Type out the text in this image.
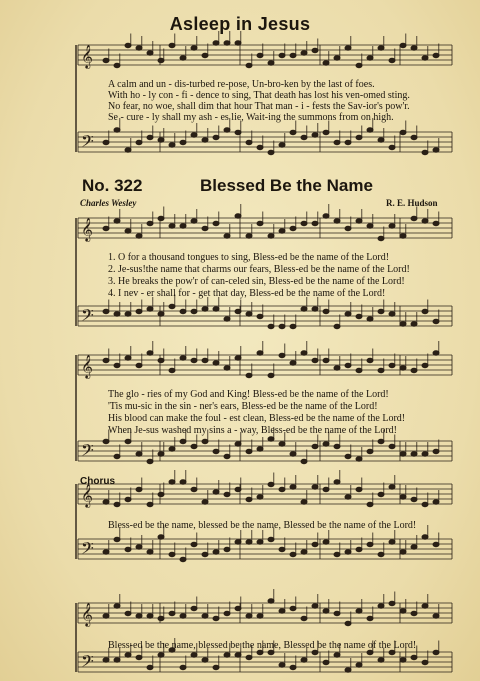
𝄞
𝄢
𝄞
𝄢
𝄞
𝄢
𝄞
𝄢
𝄞
𝄢
Asleep in Jesus
A calm and un - dis-turbed re-pose, Un-bro-ken by the last of foes.
With ho - ly con - fi - dence to sing, That death has lost his ven-omed sting.
No fear, no woe, shall dim that hour That man - i - fests the Sav-ior's pow'r.
Se - cure - ly shall my ash - es lie, Wait-ing the summons from on high.
No. 322	Blessed Be the Name
Charles Wesley	R. E. Hudson
1. O for a thousand tongues to sing, Bless-ed be the name of the Lord!
2. Je-sus!the name that charms our fears, Bless-ed be the name of the Lord!
3. He breaks the pow'r of can-celed sin, Bless-ed be the name of the Lord!
4. I nev - er shall for - get that day, Bless-ed be the name of the Lord!
The glo - ries of my God and King! Bless-ed be the name of the Lord!
'Tis mu-sic in the sin - ner's ears, Bless-ed be the name of the Lord!
His blood can make the foul - est clean, Bless-ed be the name of the Lord!
When Je-sus washed my sins a - way, Bless-ed be the name of the Lord!
Chorus
Bless-ed be the name, blessed be the name, Blessed be the name of the Lord!
Bless-ed be the name, blessed be the name, Blessed be the name of the Lord!
